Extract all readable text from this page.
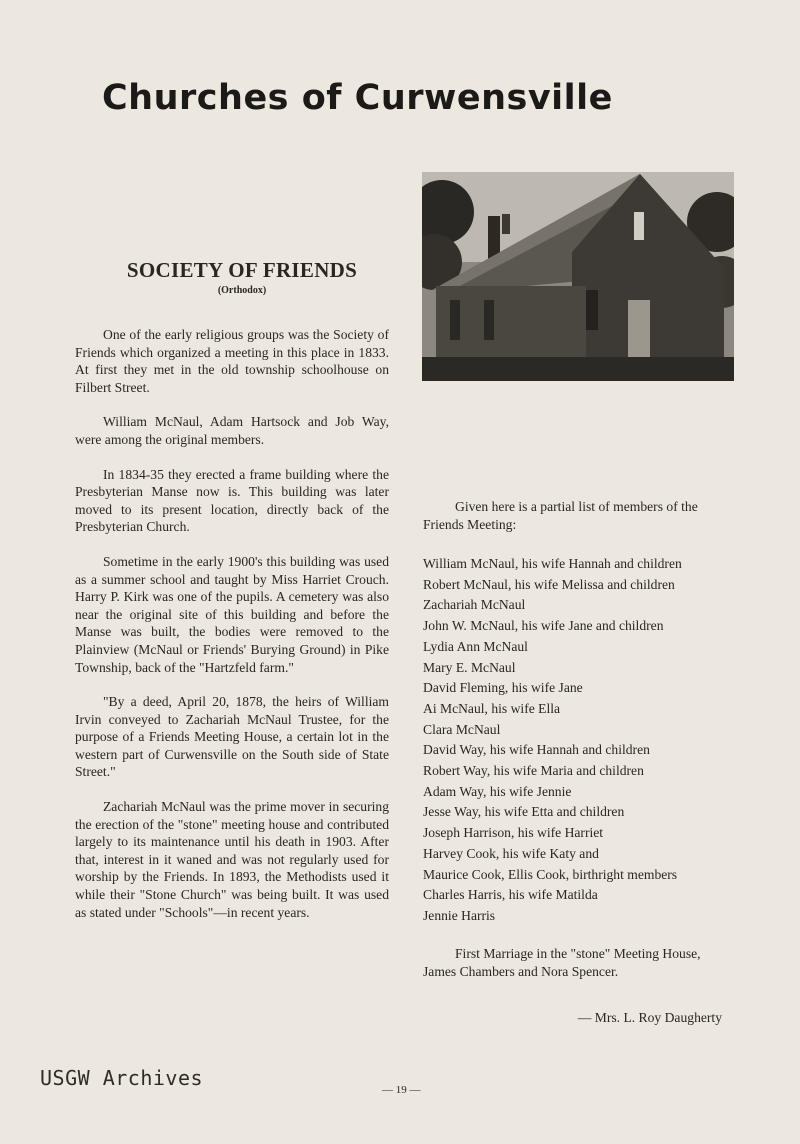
Churches of Curwensville
SOCIETY OF FRIENDS
(Orthodox)

One of the early religious groups was the Society of Friends which organized a meeting in this place in 1833. At first they met in the old township schoolhouse on Filbert Street.

William McNaul, Adam Hartsock and Job Way, were among the original members.

In 1834-35 they erected a frame building where the Presbyterian Manse now is. This building was later moved to its present location, directly back of the Presbyterian Church.

Sometime in the early 1900's this building was used as a summer school and taught by Miss Harriet Crouch. Harry P. Kirk was one of the pupils. A cemetery was also near the original site of this building and before the Manse was built, the bodies were removed to the Plainview (McNaul or Friends' Burying Ground) in Pike Township, back of the "Hartzfeld farm."

"By a deed, April 20, 1878, the heirs of William Irvin conveyed to Zachariah McNaul Trustee, for the purpose of a Friends Meeting House, a certain lot in the western part of Curwensville on the South side of State Street."

Zachariah McNaul was the prime mover in securing the erection of the "stone" meeting house and contributed largely to its maintenance until his death in 1903. After that, interest in it waned and was not regularly used for worship by the Friends. In 1893, the Methodists used it while their "Stone Church" was being built. It was used as stated under "Schools"—in recent years.

Given here is a partial list of members of the Friends Meeting:

William McNaul, his wife Hannah and children
Robert McNaul, his wife Melissa and children
Zachariah McNaul
John W. McNaul, his wife Jane and children
Lydia Ann McNaul
Mary E. McNaul
David Fleming, his wife Jane
Ai McNaul, his wife Ella
Clara McNaul
David Way, his wife Hannah and children
Robert Way, his wife Maria and children
Adam Way, his wife Jennie
Jesse Way, his wife Etta and children
Joseph Harrison, his wife Harriet
Harvey Cook, his wife Katy and
Maurice Cook, Ellis Cook, birthright members
Charles Harris, his wife Matilda
Jennie Harris

First Marriage in the "stone" Meeting House, James Chambers and Nora Spencer.

— Mrs. L. Roy Daugherty
— 19 —
USGW Archives
